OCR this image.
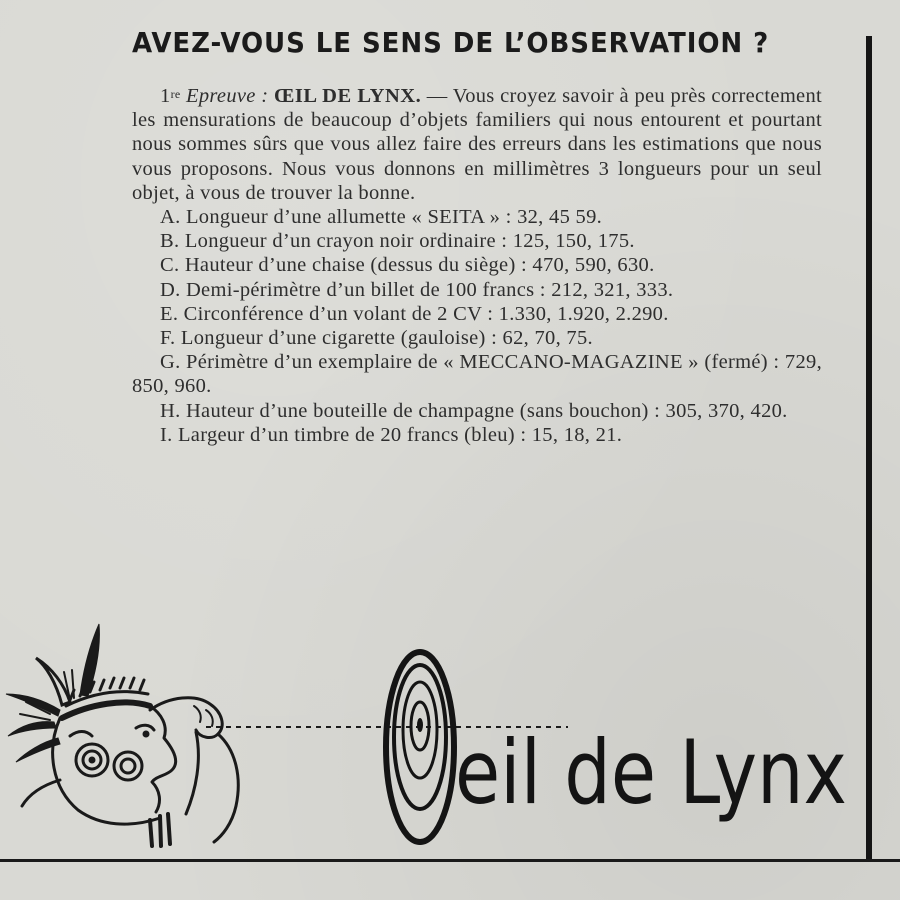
AVEZ-VOUS LE SENS DE L’OBSERVATION ?

1re Epreuve : ŒIL DE LYNX. — Vous croyez savoir à peu près correctement les mensurations de beaucoup d’objets familiers qui nous entourent et pourtant nous sommes sûrs que vous allez faire des erreurs dans les estimations que nous vous proposons. Nous vous donnons en millimètres 3 longueurs pour un seul objet, à vous de trouver la bonne.

A. Longueur d’une allumette « SEITA » : 32, 45 59.
B. Longueur d’un crayon noir ordinaire : 125, 150, 175.
C. Hauteur d’une chaise (dessus du siège) : 470, 590, 630.
D. Demi-périmètre d’un billet de 100 francs : 212, 321, 333.
E. Circonférence d’un volant de 2 CV : 1.330, 1.920, 2.290.
F. Longueur d’une cigarette (gauloise) : 62, 70, 75.
G. Périmètre d’un exemplaire de « MECCANO-MAGAZINE » (fermé) : 729, 850, 960.
H. Hauteur d’une bouteille de champagne (sans bouchon) : 305, 370, 420.
I. Largeur d’un timbre de 20 francs (bleu) : 15, 18, 21.
eil de Lynx
